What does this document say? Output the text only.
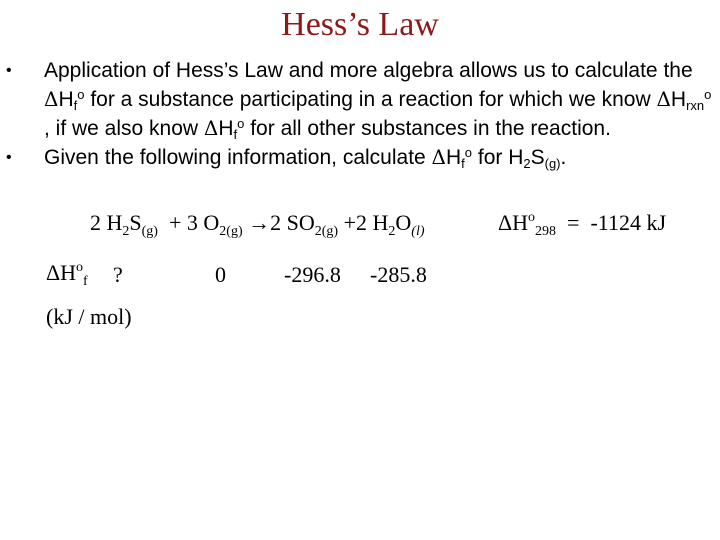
Hess’s Law
• Application of Hess’s Law and more algebra allows us to calculate the $\Delta H_f^o$ for a substance participating in a reaction for which we know $\Delta H_{rxn}^o$ , if we also know $\Delta H_f^o$ for all other substances in the reaction.
• Given the following information, calculate $\Delta H_f^o$ for $H_2S_{(g)}$.
2 $H_2S_{(g)} + 3$ $O_{2(g)} \to 2$ $SO_{2(g)} +2$ $H_2O_{(l)}$	$\Delta H^o_{298} = -1124$ kJ
$\Delta H^o_f$ ?	0	-296.8 -285.8
(kJ / mol)
